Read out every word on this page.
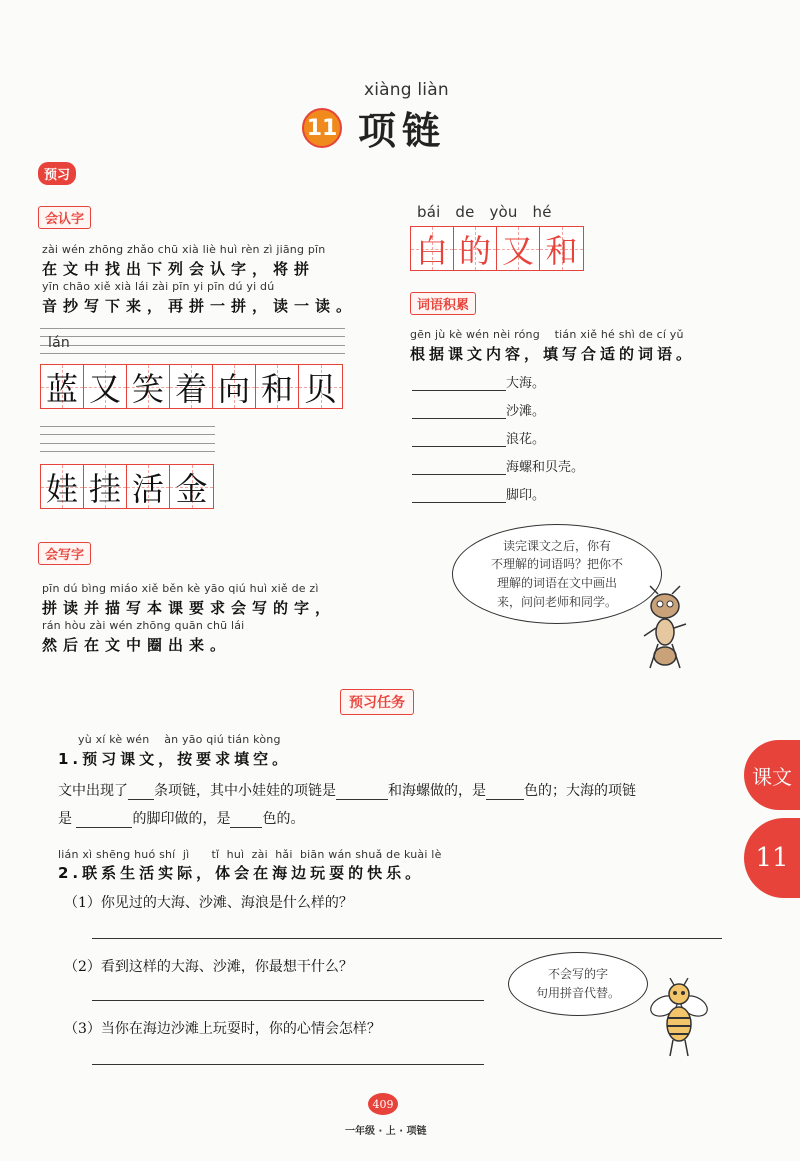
xiàng liàn
11 项链
预习
会认字
zài wén zhōng zhǎo chū xià liè huì rèn zì jiāng pīn
在文中找出下列会认字，将拼
yīn chāo xiě xià lái zài pīn yi pīn dú yi dú
音抄写下来，再拼一拼，读一读。
lán
蓝 又 笑 着 向 和 贝
娃 挂 活 金
bái   de   yòu   hé
白 的 又 和
词语积累
gēn jù kè wén nèi róng    tián xiě hé shì de cí yǔ
根据课文内容，填写合适的词语。
大海。
沙滩。
浪花。
海螺和贝壳。
脚印。
读完课文之后，你有
不理解的词语吗？把你不
理解的词语在文中画出
来，问问老师和同学。
会写字
pīn dú bìng miáo xiě běn kè yāo qiú huì xiě de zì
拼读并描写本课要求会写的字，
rán hòu zài wén zhōng quān chū lái
然后在文中圈出来。
预习任务
yù xí kè wén    àn yāo qiú tián kòng
1.预习课文，按要求填空。
文中出现了 条项链，其中小娃娃的项链是	和海螺做的，是	色的；大海的项链
是	的脚印做的，是 色的。
lián xì shēng huó shí  jì      tǐ  huì  zài  hǎi  biān wán shuǎ de kuài lè
2.联系生活实际，体会在海边玩耍的快乐。
（1）你见过的大海、沙滩、海浪是什么样的？
（2）看到这样的大海、沙滩，你最想干什么？
（3）当你在海边沙滩上玩耍时，你的心情会怎样？
不会写的字
句用拼音代替。
课文
11
409
一年级 · 上 · 项链
